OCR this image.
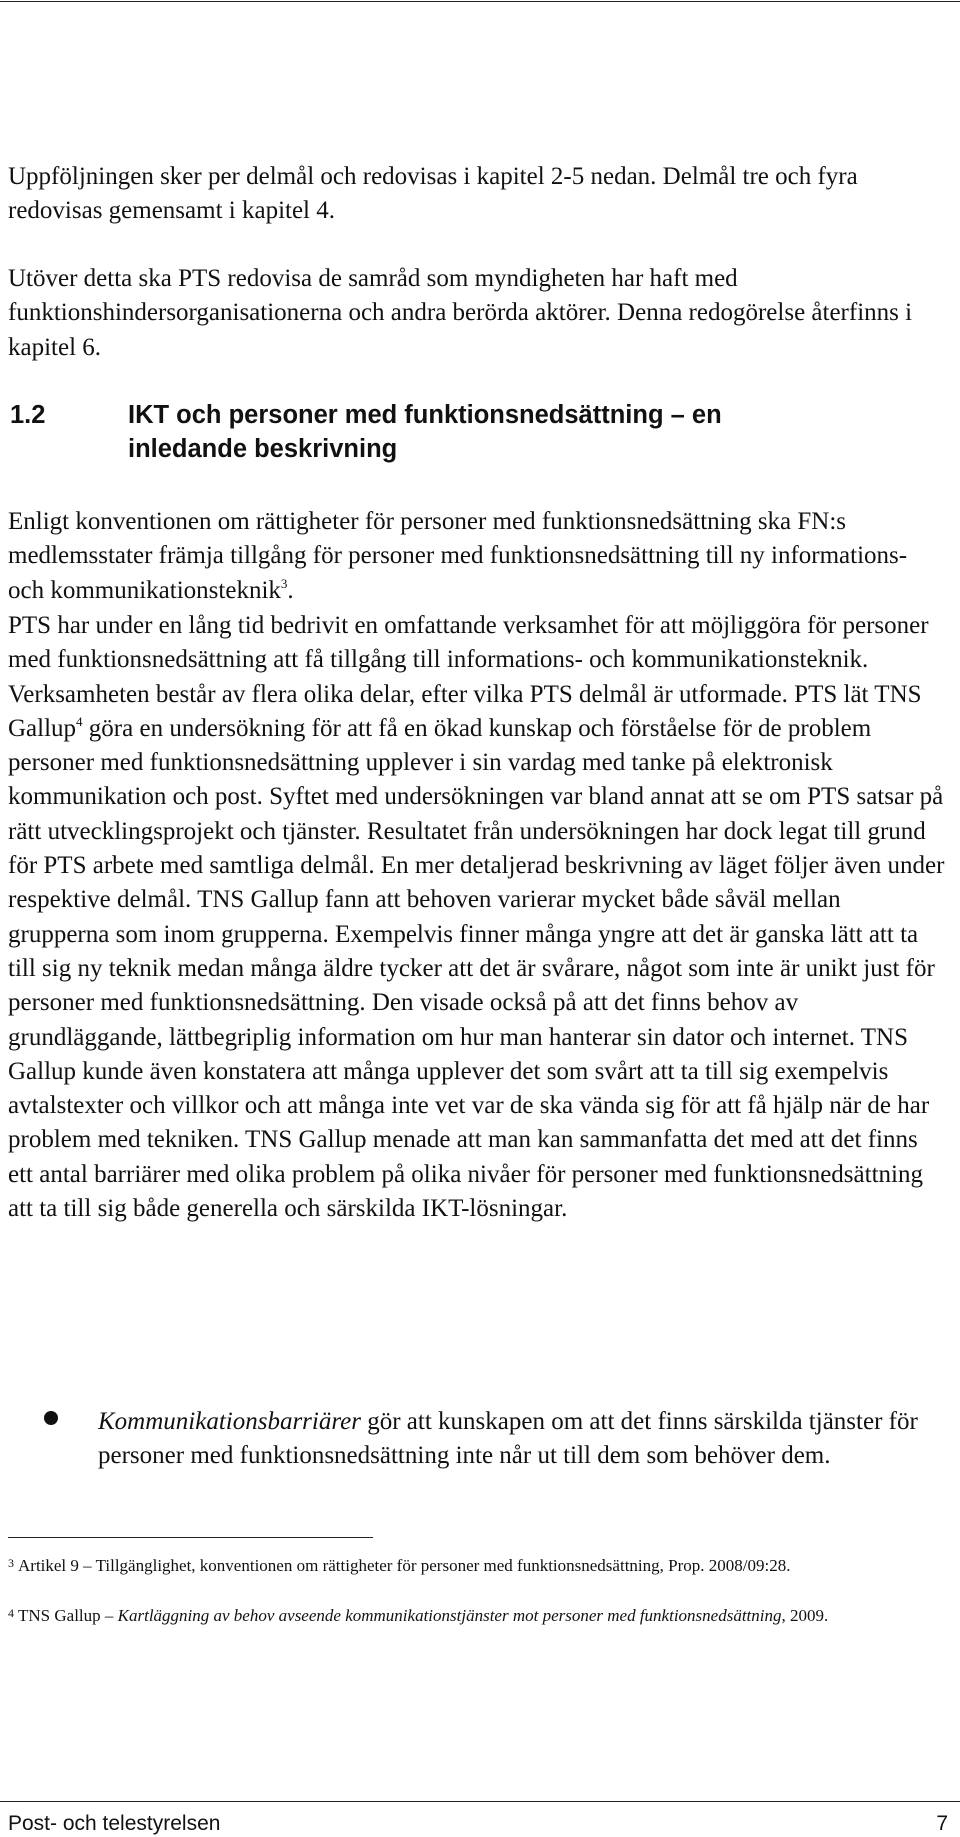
Uppföljningen sker per delmål och redovisas i kapitel 2-5 nedan. Delmål tre och fyra redovisas gemensamt i kapitel 4.

Utöver detta ska PTS redovisa de samråd som myndigheten har haft med funktionshindersorganisationerna och andra berörda aktörer. Denna redogörelse återfinns i kapitel 6.

1.2	IKT och personer med funktionsnedsättning – en
inledande beskrivning

Enligt konventionen om rättigheter för personer med funktionsnedsättning ska FN:s medlemsstater främja tillgång för personer med funktionsnedsättning till ny informations- och kommunikationsteknik$^3$.

PTS har under en lång tid bedrivit en omfattande verksamhet för att möjliggöra för personer med funktionsnedsättning att få tillgång till informations- och kommunikationsteknik. Verksamheten består av flera olika delar, efter vilka PTS delmål är utformade. PTS lät TNS Gallup$^4$ göra en undersökning för att få en ökad kunskap och förståelse för de problem personer med funktionsnedsättning upplever i sin vardag med tanke på elektronisk kommunikation och post. Syftet med undersökningen var bland annat att se om PTS satsar på rätt utvecklingsprojekt och tjänster. Resultatet från undersökningen har dock legat till grund för PTS arbete med samtliga delmål. En mer detaljerad beskrivning av läget följer även under respektive delmål. TNS Gallup fann att behoven varierar mycket både såväl mellan grupperna som inom grupperna. Exempelvis finner många yngre att det är ganska lätt att ta till sig ny teknik medan många äldre tycker att det är svårare, något som inte är unikt just för personer med funktionsnedsättning. Den visade också på att det finns behov av grundläggande, lättbegriplig information om hur man hanterar sin dator och internet. TNS Gallup kunde även konstatera att många upplever det som svårt att ta till sig exempelvis avtalstexter och villkor och att många inte vet var de ska vända sig för att få hjälp när de har problem med tekniken. TNS Gallup menade att man kan sammanfatta det med att det finns ett antal barriärer med olika problem på olika nivåer för personer med funktionsnedsättning att ta till sig både generella och särskilda IKT-lösningar.

Kommunikationsbarriärer gör att kunskapen om att det finns särskilda tjänster för personer med funktionsnedsättning inte når ut till dem som behöver dem.

$^3$ Artikel 9 – Tillgänglighet, konventionen om rättigheter för personer med funktionsnedsättning, Prop. 2008/09:28.

$^4$ TNS Gallup – Kartläggning av behov avseende kommunikationstjänster mot personer med funktionsnedsättning, 2009.

Post- och telestyrelsen	7
